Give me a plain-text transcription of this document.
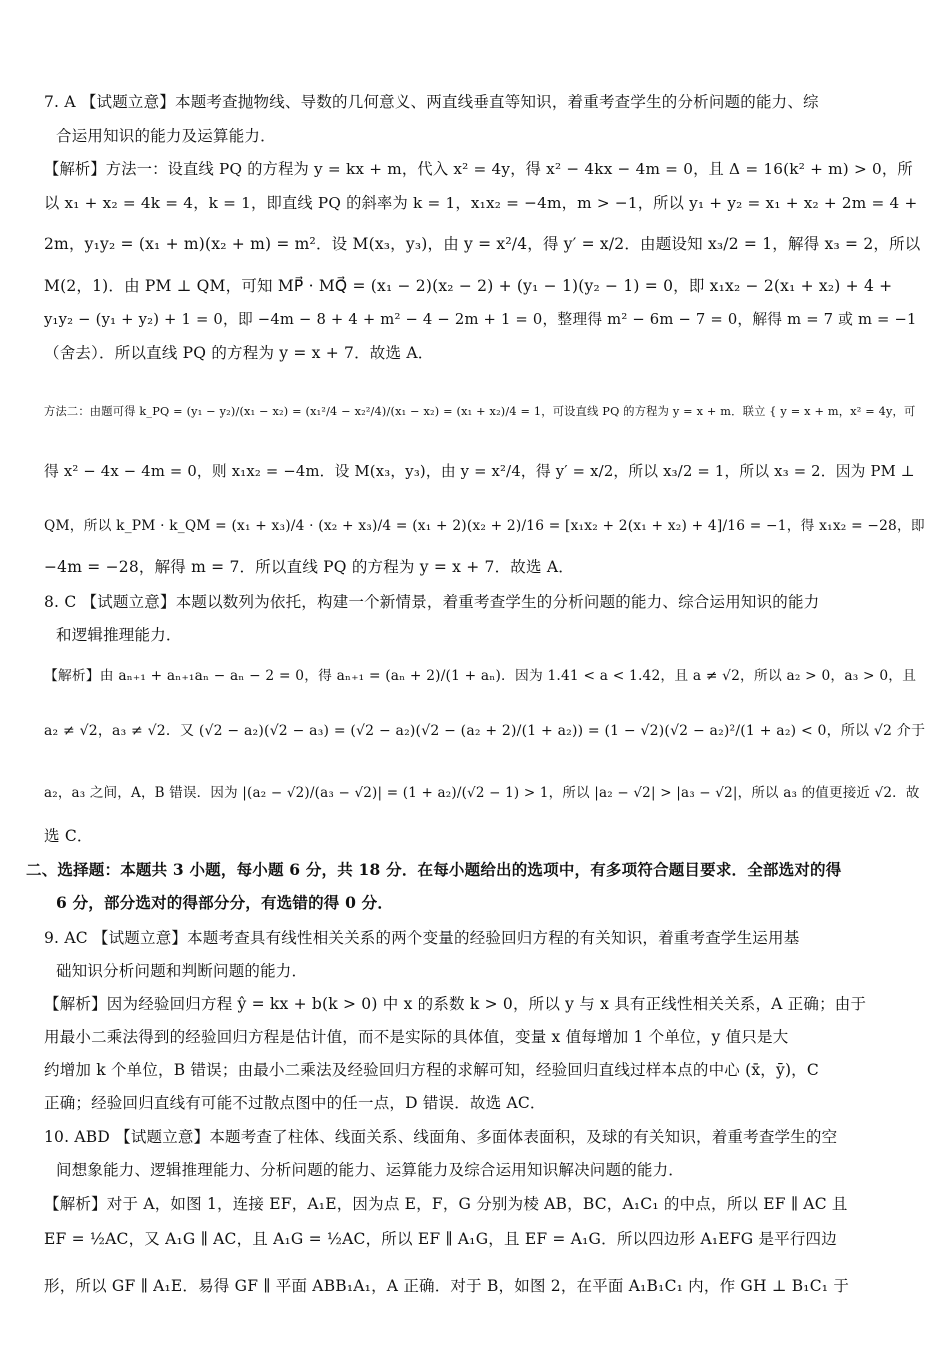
7. A 【试题立意】本题考查抛物线、导数的几何意义、两直线垂直等知识，着重考查学生的分析问题的能力、综
合运用知识的能力及运算能力．
【解析】方法一：设直线 PQ 的方程为 y = kx + m，代入 x² = 4y，得 x² − 4kx − 4m = 0，且 Δ = 16(k² + m) > 0，所
以 x₁ + x₂ = 4k = 4，k = 1，即直线 PQ 的斜率为 k = 1，x₁x₂ = −4m，m > −1，所以 y₁ + y₂ = x₁ + x₂ + 2m = 4 +
2m，y₁y₂ = (x₁ + m)(x₂ + m) = m²．设 M(x₃，y₃)，由 y = x²/4，得 y′ = x/2．由题设知 x₃/2 = 1，解得 x₃ = 2，所以
M(2，1)．由 PM ⊥ QM，可知 MP⃗ · MQ⃗ = (x₁ − 2)(x₂ − 2) + (y₁ − 1)(y₂ − 1) = 0，即 x₁x₂ − 2(x₁ + x₂) + 4 +
y₁y₂ − (y₁ + y₂) + 1 = 0，即 −4m − 8 + 4 + m² − 4 − 2m + 1 = 0，整理得 m² − 6m − 7 = 0，解得 m = 7 或 m = −1
（舍去）．所以直线 PQ 的方程为 y = x + 7．故选 A．
方法二：由题可得 k_PQ = (y₁ − y₂)/(x₁ − x₂) = (x₁²/4 − x₂²/4)/(x₁ − x₂) = (x₁ + x₂)/4 = 1，可设直线 PQ 的方程为 y = x + m．联立 { y = x + m，x² = 4y，可
得 x² − 4x − 4m = 0，则 x₁x₂ = −4m．设 M(x₃，y₃)，由 y = x²/4，得 y′ = x/2，所以 x₃/2 = 1，所以 x₃ = 2．因为 PM ⊥
QM，所以 k_PM · k_QM = (x₁ + x₃)/4 · (x₂ + x₃)/4 = (x₁ + 2)(x₂ + 2)/16 = [x₁x₂ + 2(x₁ + x₂) + 4]/16 = −1，得 x₁x₂ = −28，即
−4m = −28，解得 m = 7．所以直线 PQ 的方程为 y = x + 7．故选 A．
8. C 【试题立意】本题以数列为依托，构建一个新情景，着重考查学生的分析问题的能力、综合运用知识的能力
和逻辑推理能力．
【解析】由 aₙ₊₁ + aₙ₊₁aₙ − aₙ − 2 = 0，得 aₙ₊₁ = (aₙ + 2)/(1 + aₙ)．因为 1.41 < a < 1.42，且 a ≠ √2，所以 a₂ > 0，a₃ > 0，且
a₂ ≠ √2，a₃ ≠ √2．又 (√2 − a₂)(√2 − a₃) = (√2 − a₂)(√2 − (a₂ + 2)/(1 + a₂)) = (1 − √2)(√2 − a₂)²/(1 + a₂) < 0，所以 √2 介于
a₂，a₃ 之间，A，B 错误．因为 |(a₂ − √2)/(a₃ − √2)| = (1 + a₂)/(√2 − 1) > 1，所以 |a₂ − √2| > |a₃ − √2|，所以 a₃ 的值更接近 √2．故
选 C．
二、选择题：本题共 3 小题，每小题 6 分，共 18 分．在每小题给出的选项中，有多项符合题目要求．全部选对的得
6 分，部分选对的得部分分，有选错的得 0 分．
9. AC 【试题立意】本题考查具有线性相关关系的两个变量的经验回归方程的有关知识，着重考查学生运用基
础知识分析问题和判断问题的能力．
【解析】因为经验回归方程 ŷ = kx + b(k > 0) 中 x 的系数 k > 0，所以 y 与 x 具有正线性相关关系，A 正确；由于
用最小二乘法得到的经验回归方程是估计值，而不是实际的具体值，变量 x 值每增加 1 个单位，y 值只是大
约增加 k 个单位，B 错误；由最小二乘法及经验回归方程的求解可知，经验回归直线过样本点的中心 (x̄，ȳ)，C
正确；经验回归直线有可能不过散点图中的任一点，D 错误．故选 AC．
10. ABD 【试题立意】本题考查了柱体、线面关系、线面角、多面体表面积，及球的有关知识，着重考查学生的空
间想象能力、逻辑推理能力、分析问题的能力、运算能力及综合运用知识解决问题的能力．
【解析】对于 A，如图 1，连接 EF，A₁E，因为点 E，F，G 分别为棱 AB，BC，A₁C₁ 的中点，所以 EF ∥ AC 且
EF = ½AC，又 A₁G ∥ AC，且 A₁G = ½AC，所以 EF ∥ A₁G，且 EF = A₁G．所以四边形 A₁EFG 是平行四边
形，所以 GF ∥ A₁E．易得 GF ∥ 平面 ABB₁A₁，A 正确．对于 B，如图 2，在平面 A₁B₁C₁ 内，作 GH ⊥ B₁C₁ 于
